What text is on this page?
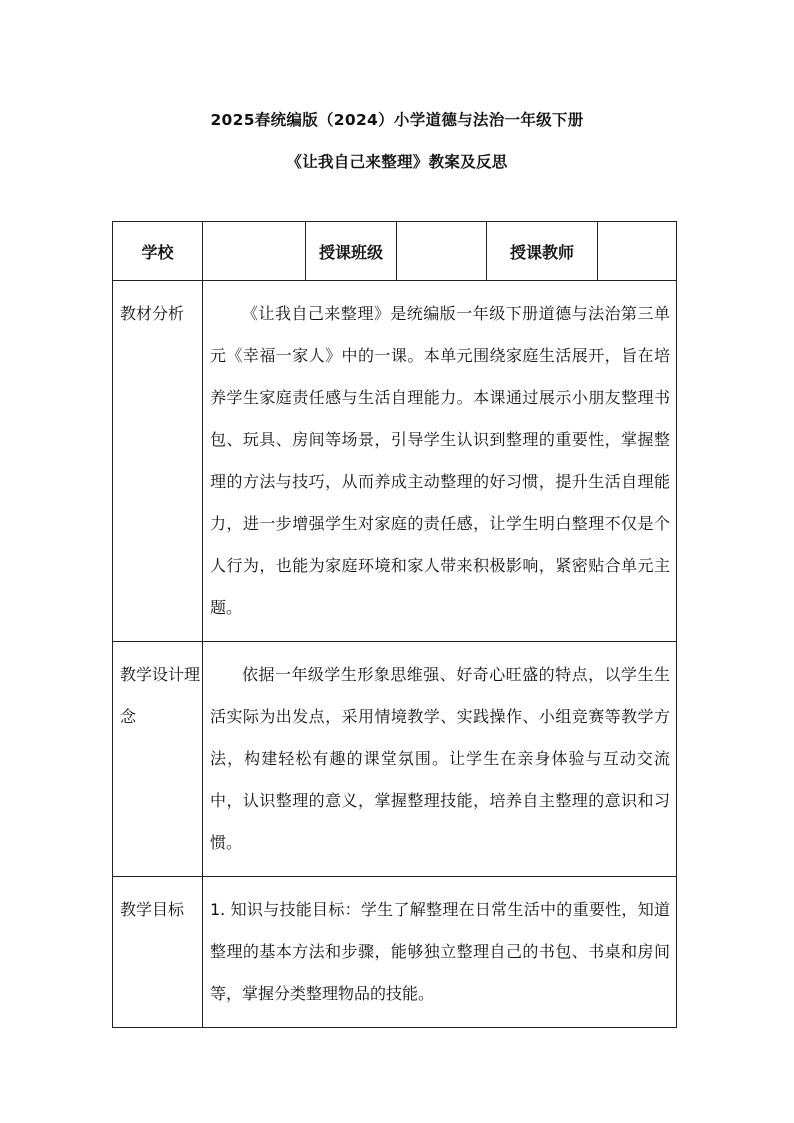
2025春统编版（2024）小学道德与法治一年级下册
《让我自己来整理》教案及反思
学校		授课班级		授课教师	
教材分析	《让我自己来整理》是统编版一年级下册道德与法治第三单元《幸福一家人》中的一课。本单元围绕家庭生活展开，旨在培养学生家庭责任感与生活自理能力。本课通过展示小朋友整理书包、玩具、房间等场景，引导学生认识到整理的重要性，掌握整理的方法与技巧，从而养成主动整理的好习惯，提升生活自理能力，进一步增强学生对家庭的责任感，让学生明白整理不仅是个人行为，也能为家庭环境和家人带来积极影响，紧密贴合单元主题。				

教学设计理念	依据一年级学生形象思维强、好奇心旺盛的特点，以学生生活实际为出发点，采用情境教学、实践操作、小组竞赛等教学方法，构建轻松有趣的课堂氛围。让学生在亲身体验与互动交流中，认识整理的意义，掌握整理技能，培养自主整理的意识和习惯。				

教学目标	1. 知识与技能目标：学生了解整理在日常生活中的重要性，知道整理的基本方法和步骤，能够独立整理自己的书包、书桌和房间等，掌握分类整理物品的技能。				
